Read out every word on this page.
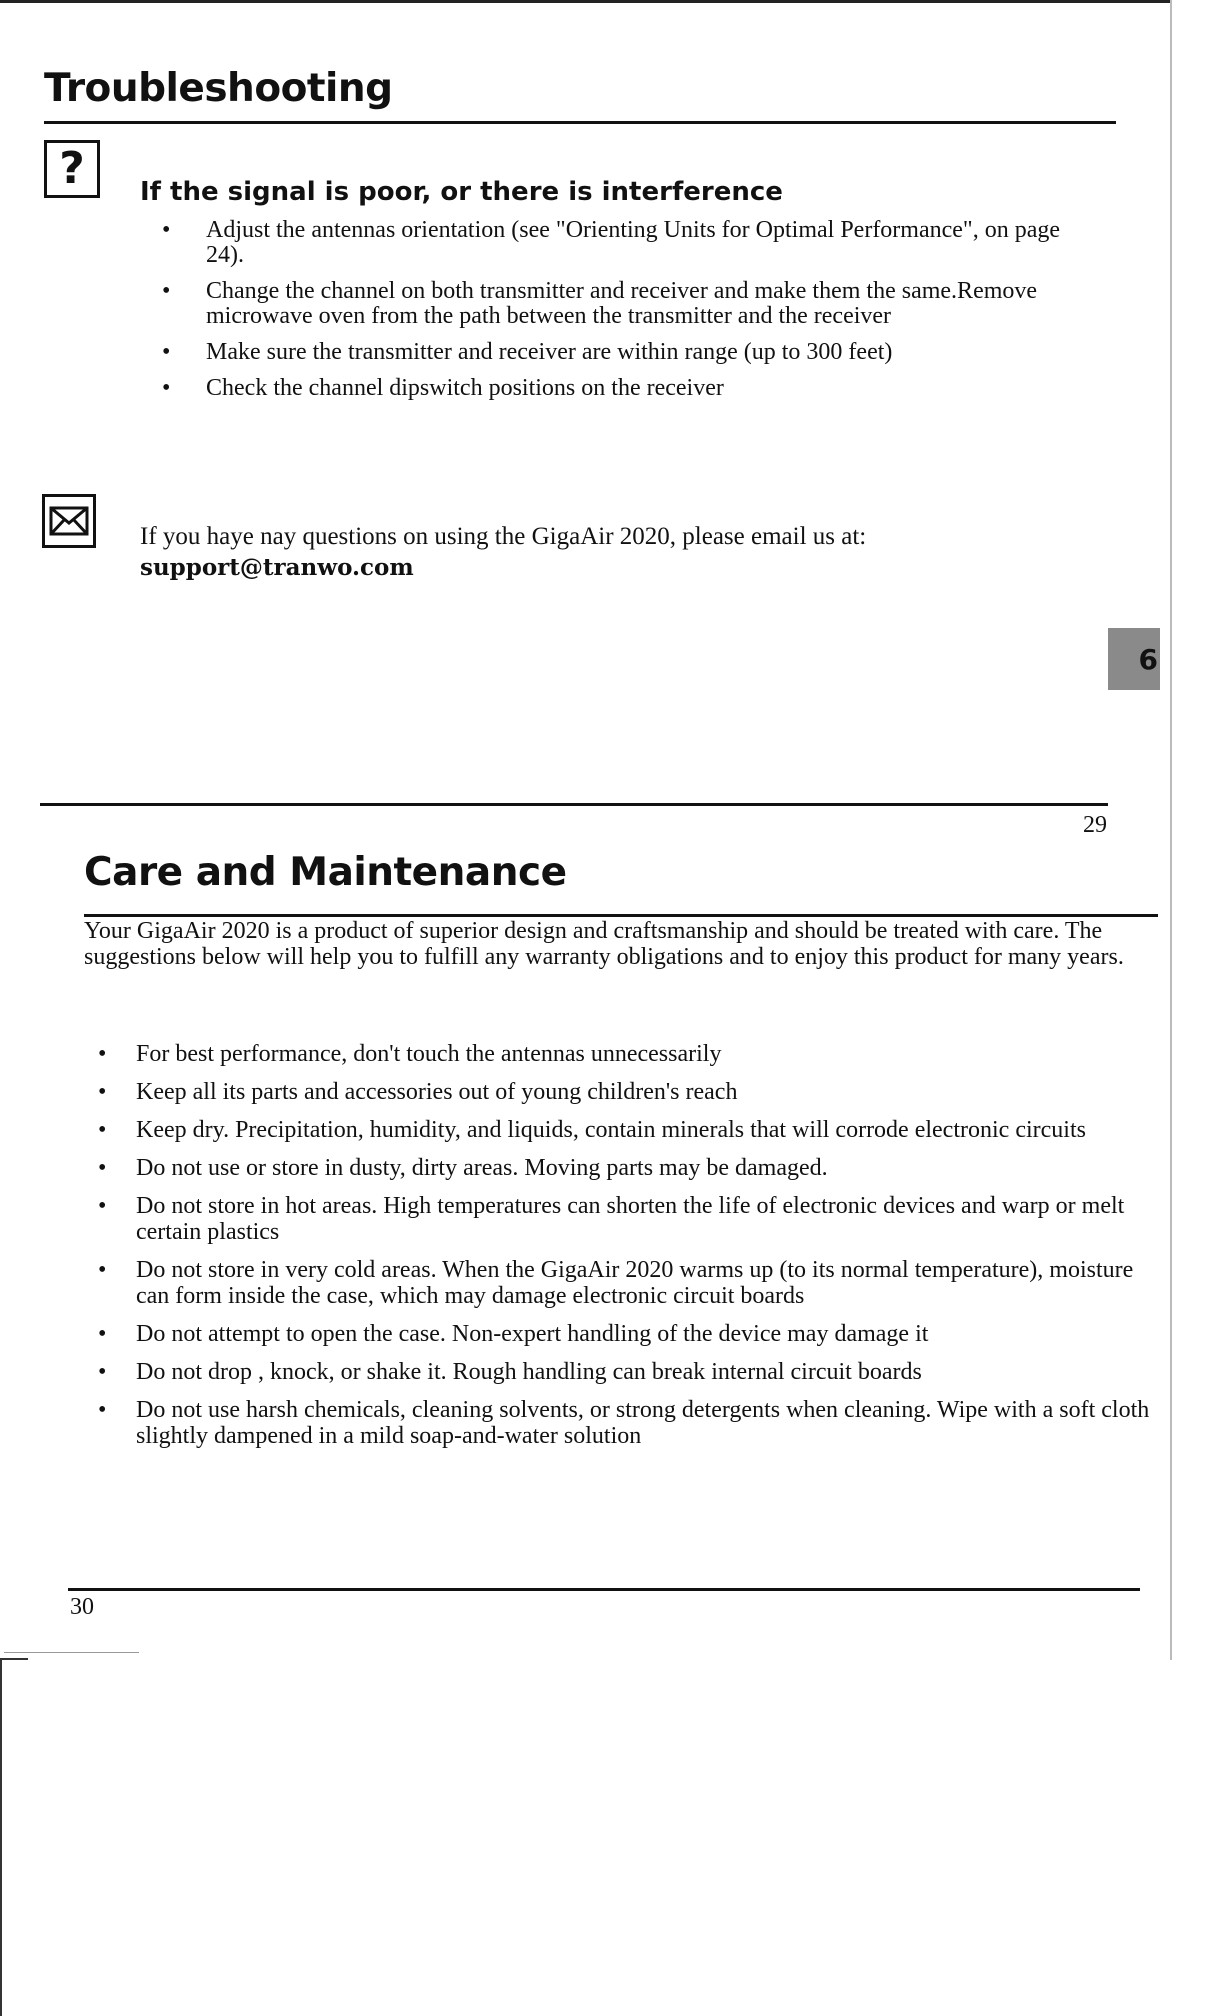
Troubleshooting
? If the signal is poor, or there is interference
• Adjust the antennas orientation (see "Orienting Units for Optimal Performance", on page 24).
• Change the channel on both transmitter and receiver and make them the same.Remove microwave oven from the path between the transmitter and the receiver
• Make sure the transmitter and receiver are within range (up to 300 feet)
• Check the channel dipswitch positions on the receiver
If you haye nay questions on using the GigaAir 2020, please email us at:
support@tranwo.com
6
29
Care and Maintenance

Your GigaAir 2020 is a product of superior design and craftsmanship and should be treated with care. The suggestions below will help you to fulfill any warranty obligations and to enjoy this product for many years.

• For best performance, don't touch the antennas unnecessarily
• Keep all its parts and accessories out of young children's reach
• Keep dry. Precipitation, humidity, and liquids, contain minerals that will corrode electronic circuits
• Do not use or store in dusty, dirty areas. Moving parts may be damaged.
• Do not store in hot areas. High temperatures can shorten the life of electronic devices and warp or melt certain plastics
• Do not store in very cold areas. When the GigaAir 2020 warms up (to its normal temperature), moisture can form inside the case, which may damage electronic circuit boards
• Do not attempt to open the case. Non-expert handling of the device may damage it
• Do not drop , knock, or shake it. Rough handling can break internal circuit boards
• Do not use harsh chemicals, cleaning solvents, or strong detergents when cleaning. Wipe with a soft cloth slightly dampened in a mild soap-and-water solution
30
